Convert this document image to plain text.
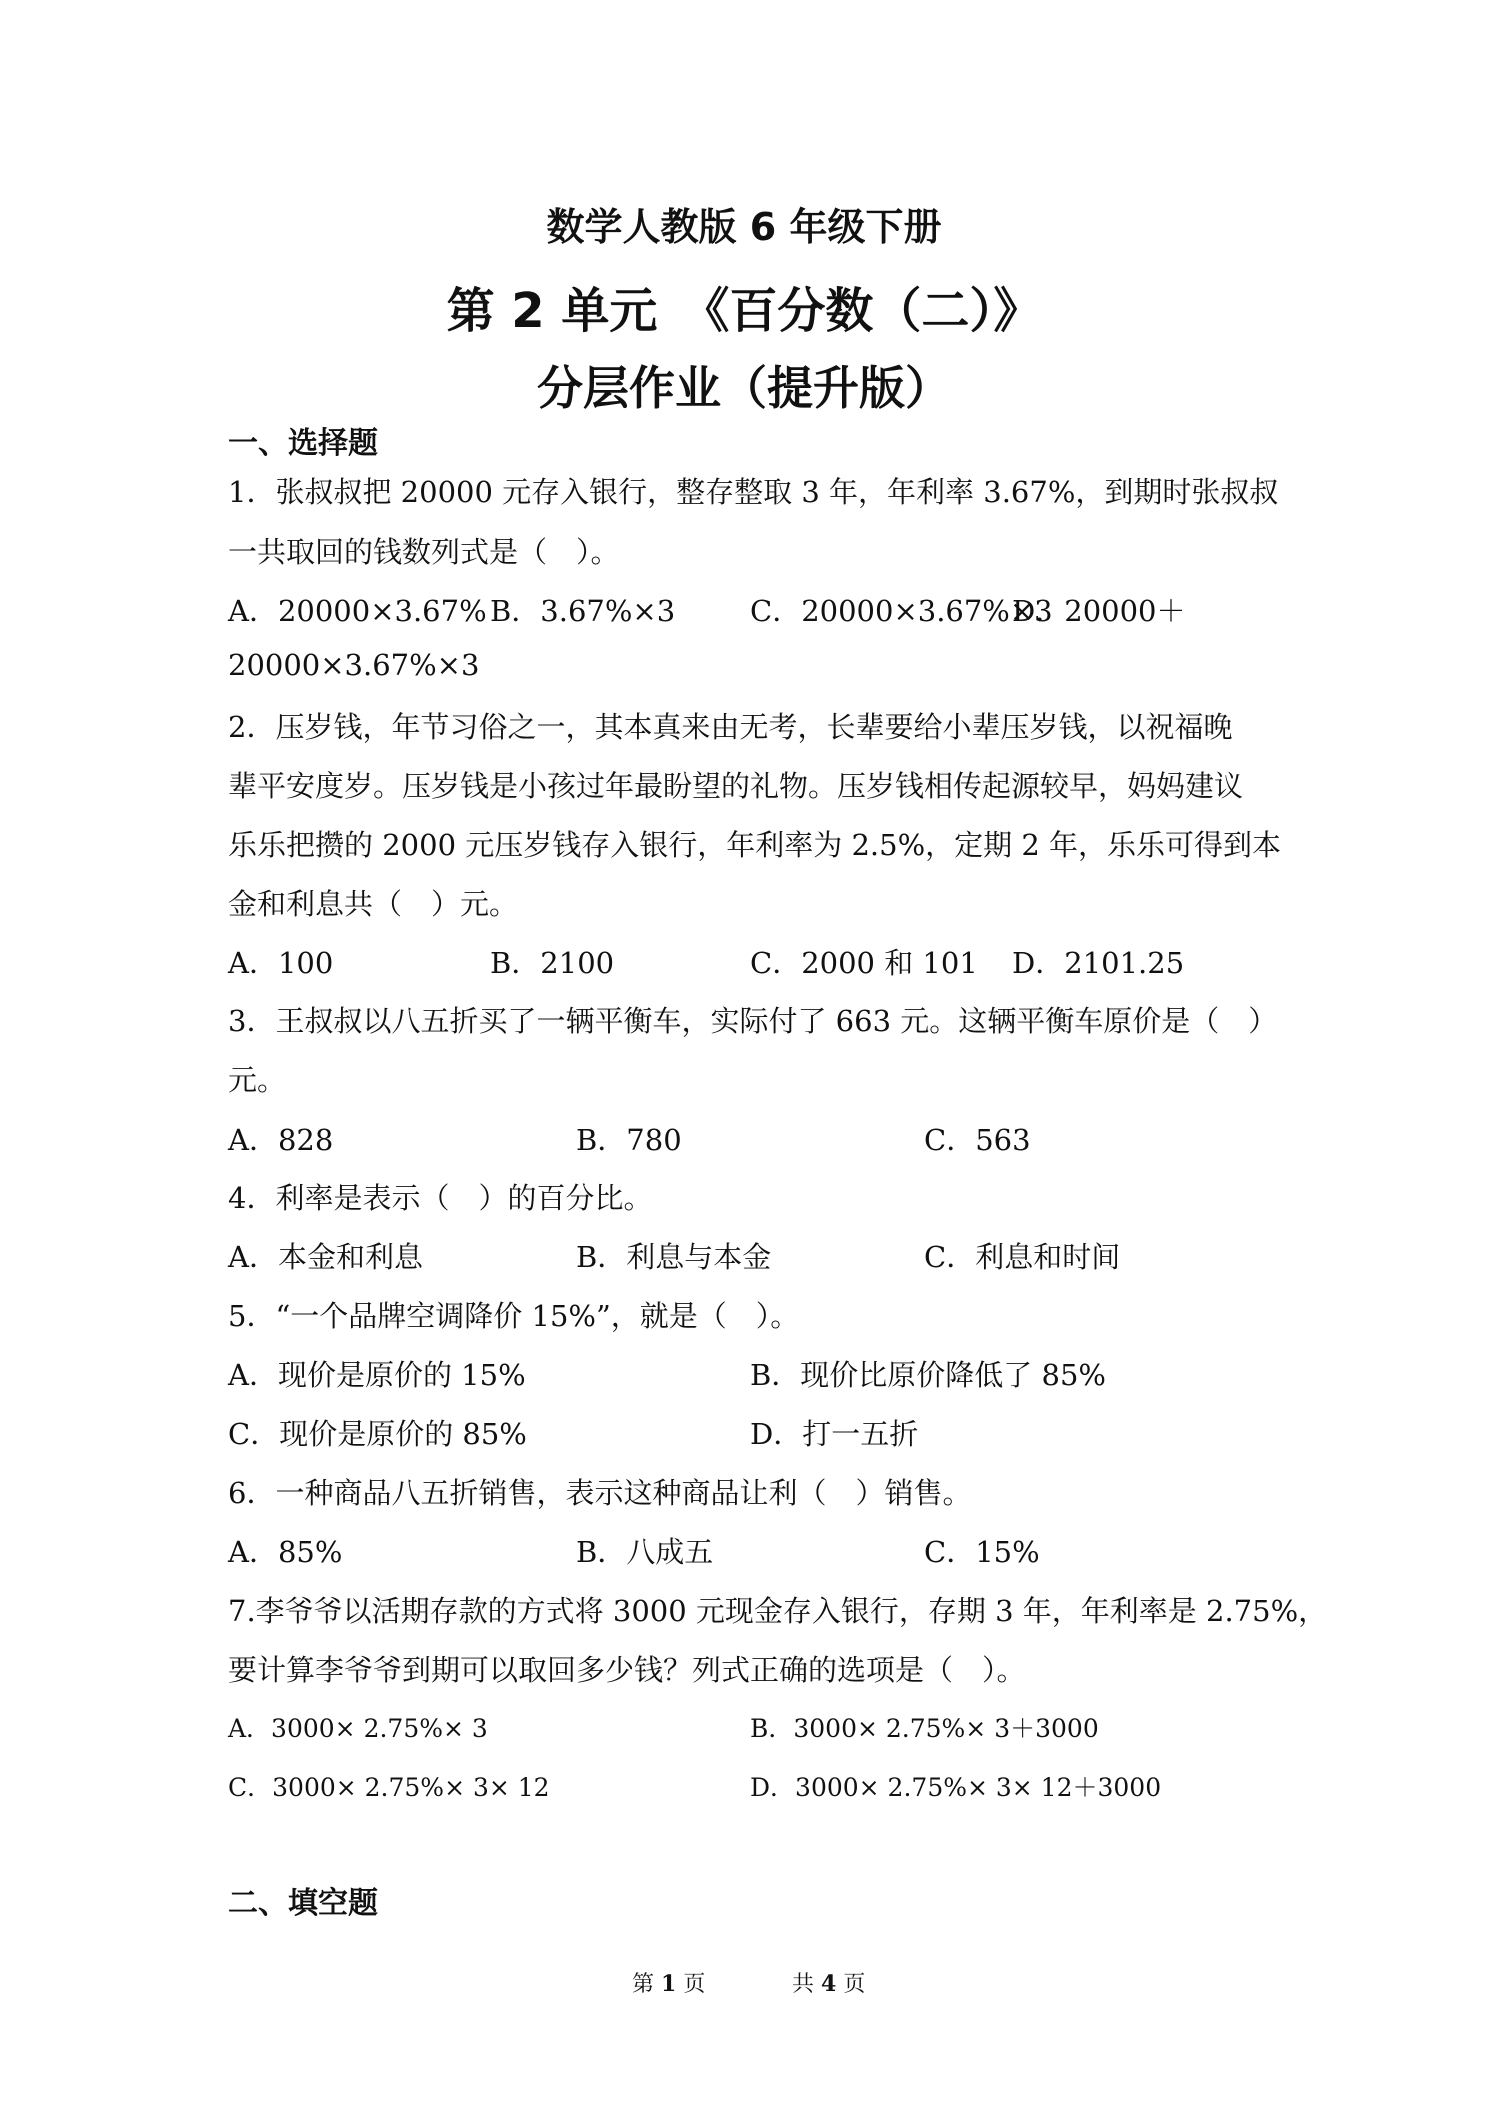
数学人教版 6 年级下册
第 2 单元　《百分数（二）》
分层作业（提升版）
一、选择题
1．张叔叔把 20000 元存入银行，整存整取 3 年，年利率 3.67%，到期时张叔叔
一共取回的钱数列式是（　）。
A．20000×3.67% B．3.67%×3	C．20000×3.67%×3
D．20000＋
20000×3.67%×3
2．压岁钱，年节习俗之一，其本真来由无考，长辈要给小辈压岁钱，以祝福晚
辈平安度岁。压岁钱是小孩过年最盼望的礼物。压岁钱相传起源较早，妈妈建议
乐乐把攒的 2000 元压岁钱存入银行，年利率为 2.5%，定期 2 年，乐乐可得到本
金和利息共（　）元。
A．100	B．2100	C．2000 和 101 D．2101.25
3．王叔叔以八五折买了一辆平衡车，实际付了 663 元。这辆平衡车原价是（　）
元。
A．828	B．780	C．563
4．利率是表示（　）的百分比。
A．本金和利息	B．利息与本金	C．利息和时间
5．“一个品牌空调降价 15%”，就是（　）。
A．现价是原价的 15%	B．现价比原价降低了 85%
C．现价是原价的 85%	D．打一五折
6．一种商品八五折销售，表示这种商品让利（　）销售。
A．85%	B．八成五	C．15%
7.李爷爷以活期存款的方式将 3000 元现金存入银行，存期 3 年，年利率是 2.75%，
要计算李爷爷到期可以取回多少钱？列式正确的选项是（　）。
A．3000× 2.75%× 3	B．3000× 2.75%× 3＋3000
C．3000× 2.75%× 3× 12	D．3000× 2.75%× 3× 12＋3000
二、填空题
第 1 页	共 4 页
